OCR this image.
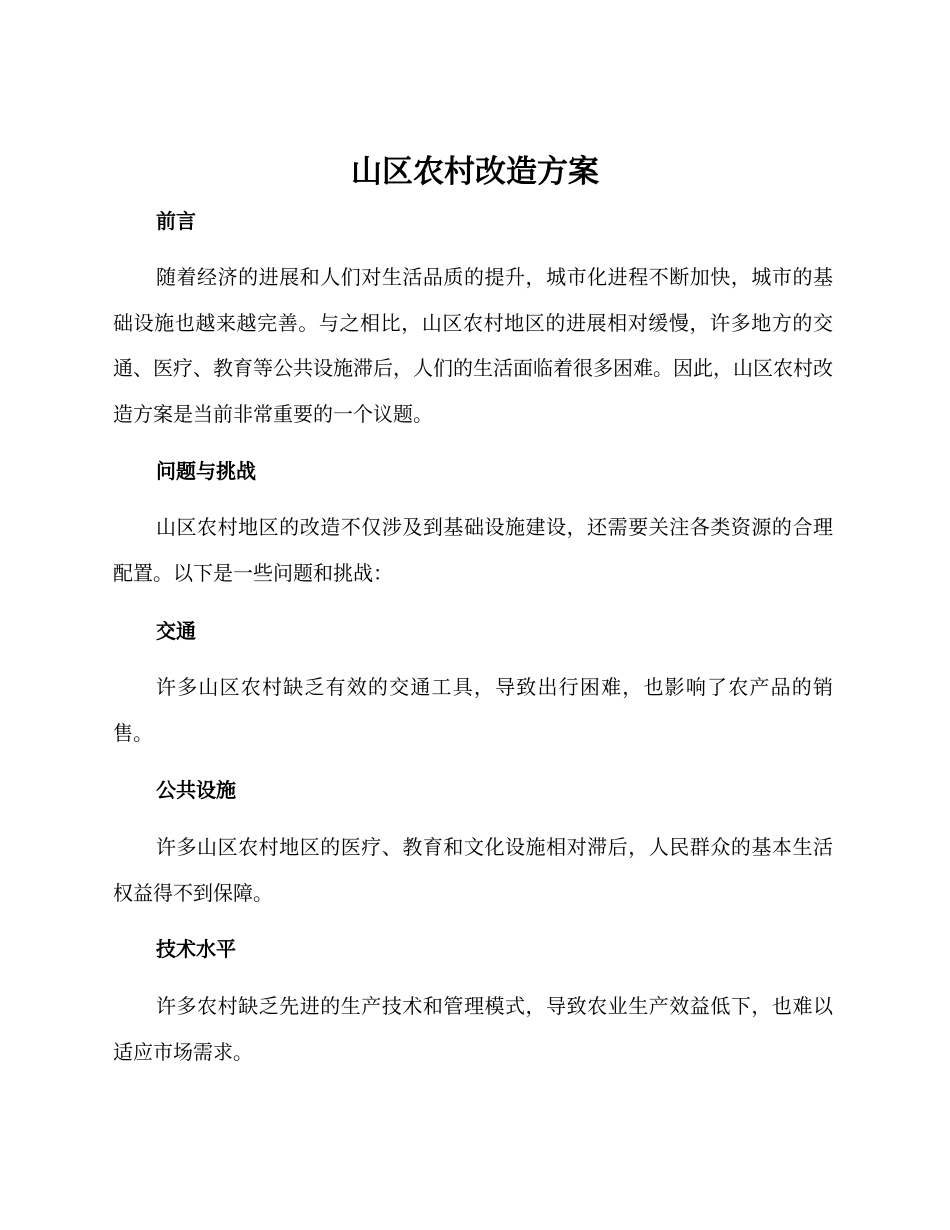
山区农村改造方案
前言

随着经济的进展和人们对生活品质的提升，城市化进程不断加快，城市的基础设施也越来越完善。与之相比，山区农村地区的进展相对缓慢，许多地方的交通、医疗、教育等公共设施滞后，人们的生活面临着很多困难。因此，山区农村改造方案是当前非常重要的一个议题。

问题与挑战

山区农村地区的改造不仅涉及到基础设施建设，还需要关注各类资源的合理配置。以下是一些问题和挑战：

交通

许多山区农村缺乏有效的交通工具，导致出行困难，也影响了农产品的销售。

公共设施

许多山区农村地区的医疗、教育和文化设施相对滞后，人民群众的基本生活权益得不到保障。

技术水平

许多农村缺乏先进的生产技术和管理模式，导致农业生产效益低下，也难以适应市场需求。
